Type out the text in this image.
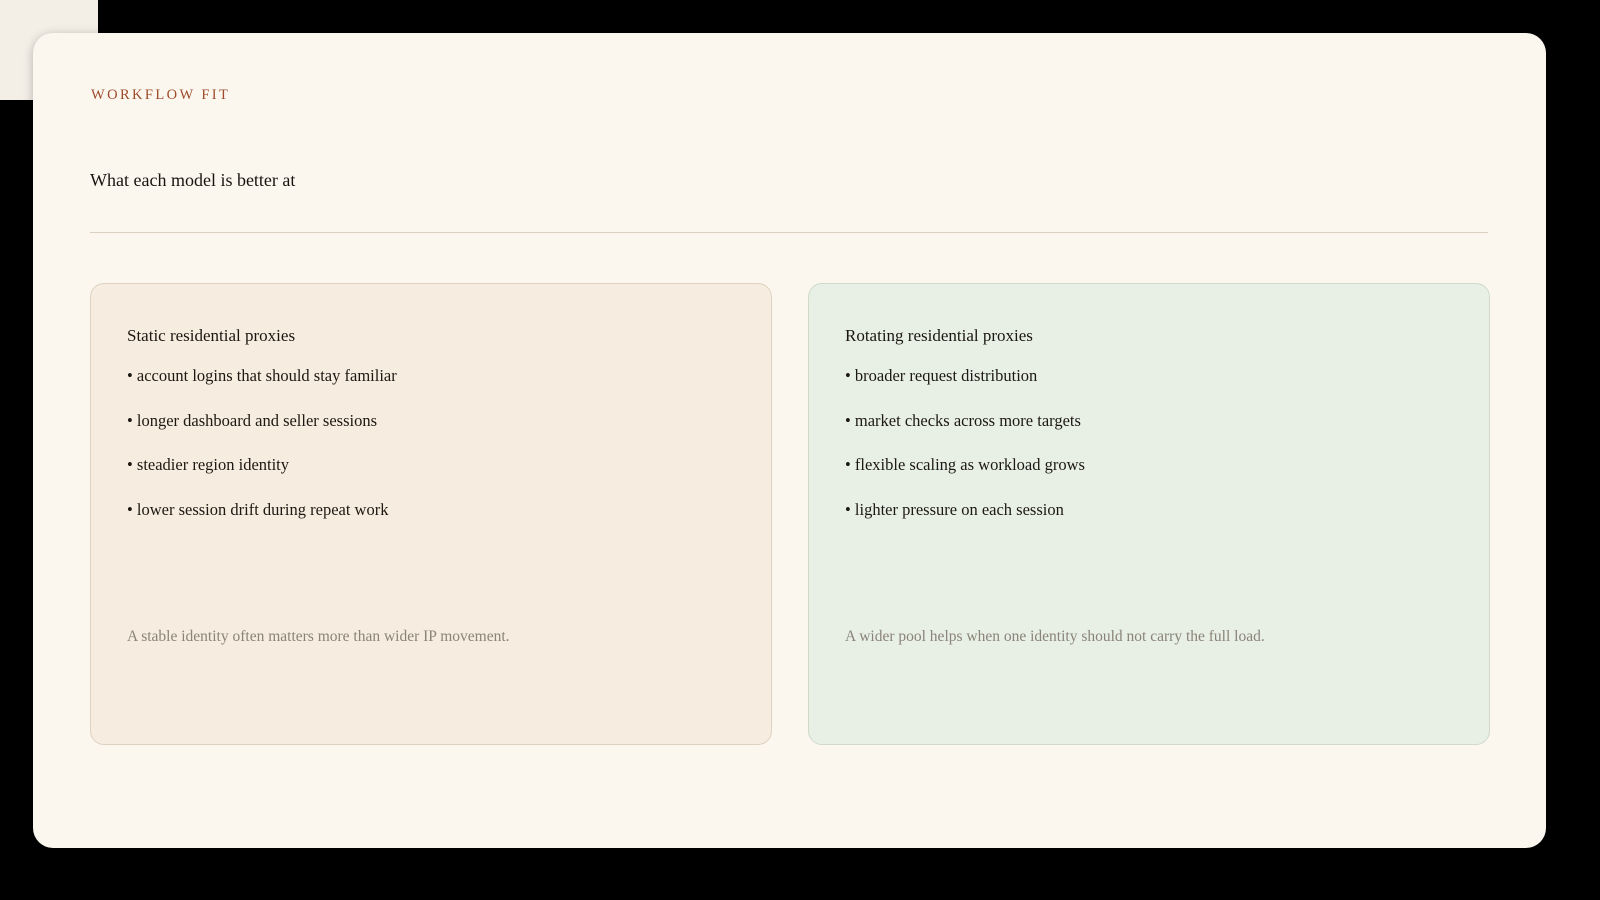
WORKFLOW FIT
What each model is better at
Static residential proxies
• account logins that should stay familiar
• longer dashboard and seller sessions
• steadier region identity
• lower session drift during repeat work
A stable identity often matters more than wider IP movement.
Rotating residential proxies
• broader request distribution
• market checks across more targets
• flexible scaling as workload grows
• lighter pressure on each session
A wider pool helps when one identity should not carry the full load.
